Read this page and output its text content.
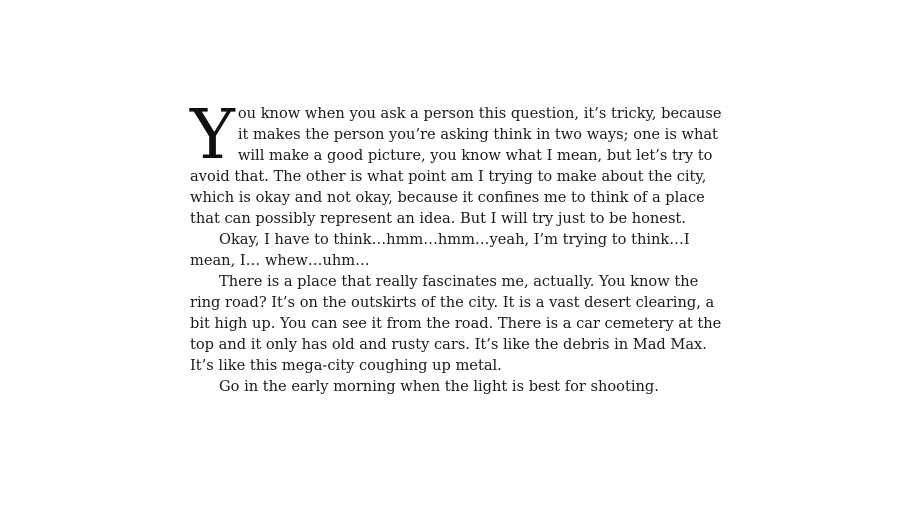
You know when you ask a person this question, it’s tricky, because it makes the person you’re asking think in two ways; one is what will make a good picture, you know what I mean, but let’s try to avoid that. The other is what point am I trying to make about the city, which is okay and not okay, because it confines me to think of a place that can possibly represent an idea. But I will try just to be honest.

Okay, I have to think…hmm…hmm…yeah, I’m trying to think…I mean, I… whew…uhm…

There is a place that really fascinates me, actually. You know the ring road? It’s on the outskirts of the city. It is a vast desert clearing, a bit high up. You can see it from the road. There is a car cemetery at the top and it only has old and rusty cars. It’s like the debris in Mad Max. It’s like this mega-city coughing up metal.

Go in the early morning when the light is best for shooting.
